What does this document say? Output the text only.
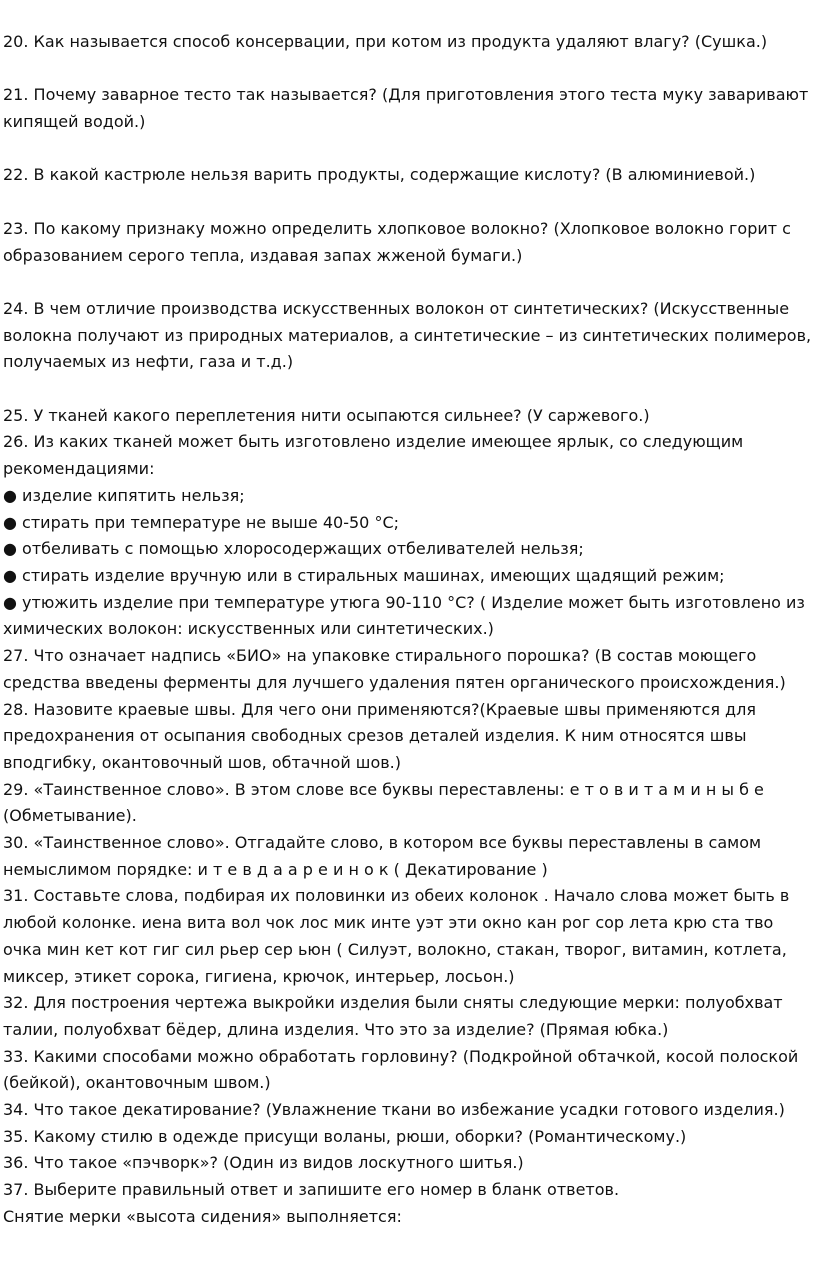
20. Как называется способ консервации, при котом из продукта удаляют влагу? (Сушка.)

21. Почему заварное тесто так называется? (Для приготовления этого теста муку заваривают кипящей водой.)

22. В какой кастрюле нельзя варить продукты, содержащие кислоту? (В алюминиевой.)

23. По какому признаку можно определить хлопковое волокно? (Хлопковое волокно горит с образованием серого тепла, издавая запах жженой бумаги.)

24. В чем отличие производства искусственных волокон от синтетических? (Искусственные волокна получают из природных материалов, а синтетические – из синтетических полимеров, получаемых из нефти, газа и т.д.)

25. У тканей какого переплетения нити осыпаются сильнее? (У саржевого.)

26. Из каких тканей может быть изготовлено изделие имеющее ярлык, со следующим рекомендациями:

● изделие кипятить нельзя;

● стирать при температуре не выше 40-50 °С;

● отбеливать с помощью хлоросодержащих отбеливателей нельзя;

● стирать изделие вручную или в стиральных машинах, имеющих щадящий режим;

● утюжить изделие при температуре утюга 90-110 °С? ( Изделие может быть изготовлено из химических волокон: искусственных или синтетических.)

27. Что означает надпись «БИО» на упаковке стирального порошка? (В состав моющего средства введены ферменты для лучшего удаления пятен органического происхождения.)

28. Назовите краевые швы. Для чего они применяются?(Краевые швы применяются для предохранения от осыпания свободных срезов деталей изделия. К ним относятся швы вподгибку, окантовочный шов, обтачной шов.)

29. «Таинственное слово». В этом слове все буквы переставлены: е т о в и т а м и н ы б е (Обметывание).

30. «Таинственное слово». Отгадайте слово, в котором все буквы переставлены в самом немыслимом порядке: и т е в д а а р е и н о к ( Декатирование )

31. Составьте слова, подбирая их половинки из обеих колонок . Начало слова может быть в любой колонке. иена вита вол чок лос мик инте уэт эти окно кан рог сор лета крю ста тво очка мин кет кот гиг сил рьер сер ьюн ( Силуэт, волокно, стакан, творог, витамин, котлета, миксер, этикет сорока, гигиена, крючок, интерьер, лосьон.)

32. Для построения чертежа выкройки изделия были сняты следующие мерки: полуобхват талии, полуобхват бёдер, длина изделия. Что это за изделие? (Прямая юбка.)

33. Какими способами можно обработать горловину? (Подкройной обтачкой, косой полоской (бейкой), окантовочным швом.)

34. Что такое декатирование? (Увлажнение ткани во избежание усадки готового изделия.)

35. Какому стилю в одежде присущи воланы, рюши, оборки? (Романтическому.)

36. Что такое «пэчворк»? (Один из видов лоскутного шитья.)

37. Выберите правильный ответ и запишите его номер в бланк ответов.

Снятие мерки «высота сидения» выполняется:
